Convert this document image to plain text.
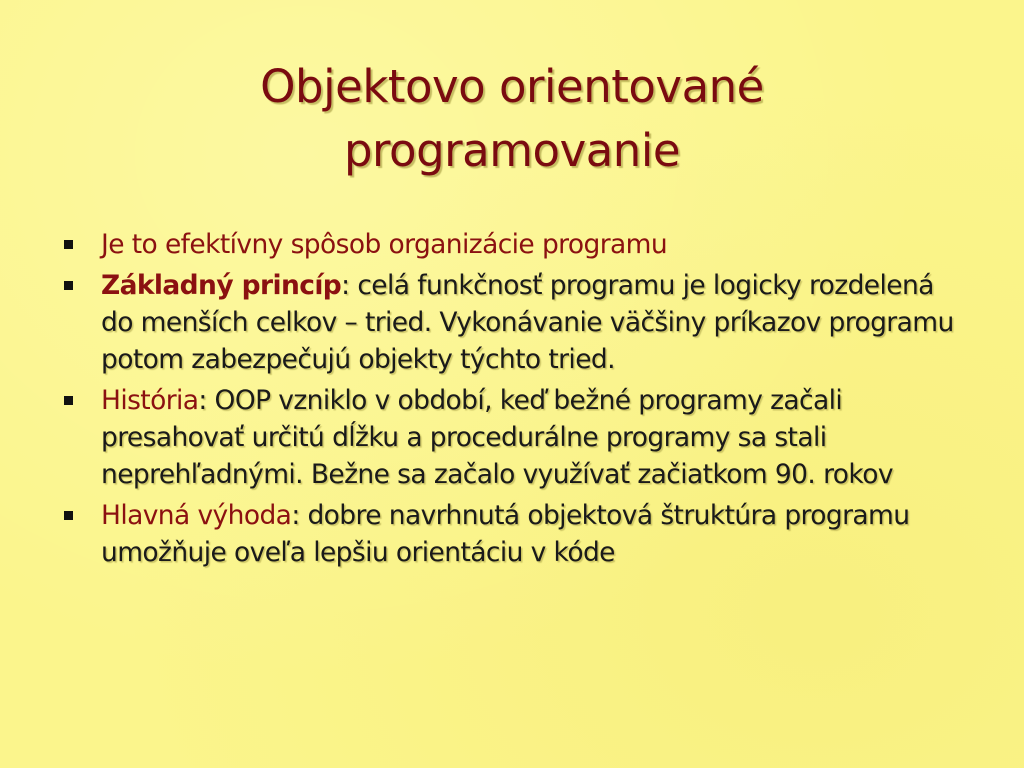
Objektovo orientované
programovanie
Je to efektívny spôsob organizácie programu
Základný princíp: celá funkčnosť programu je logicky rozdelená do menších celkov – tried. Vykonávanie väčšiny príkazov programu potom zabezpečujú objekty týchto tried.
História: OOP vzniklo v období, keď bežné programy začali presahovať určitú dĺžku a procedurálne programy sa stali neprehľadnými. Bežne sa začalo využívať začiatkom 90. rokov
Hlavná výhoda: dobre navrhnutá objektová štruktúra programu umožňuje oveľa lepšiu orientáciu v kóde
